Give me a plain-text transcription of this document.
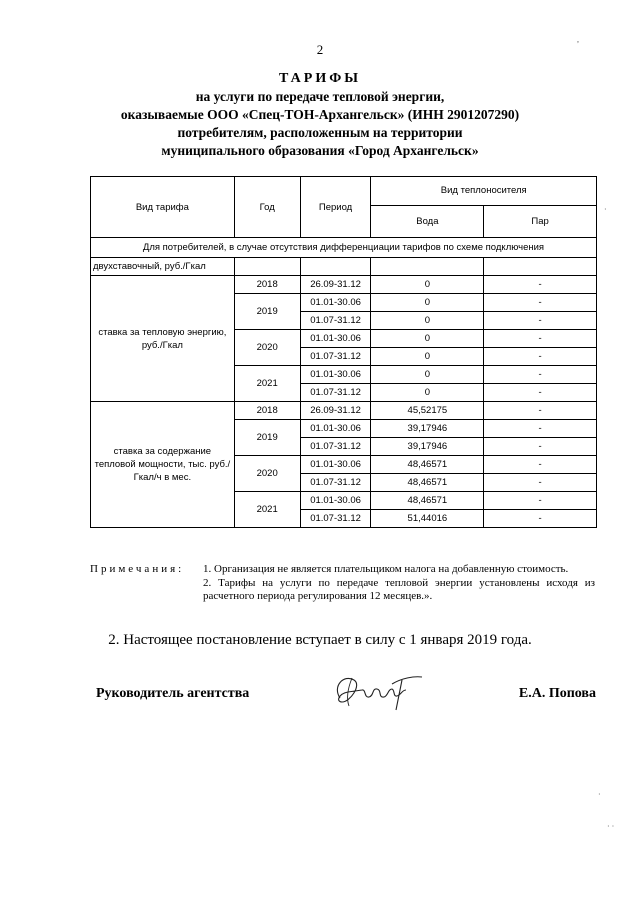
2
ТАРИФЫ
на услуги по передаче тепловой энергии,
оказываемые ООО «Спец-ТОН-Архангельск» (ИНН 2901207290)
потребителям, расположенным на территории
муниципального образования «Город Архангельск»
Вид тарифа	Год	Период	Вид теплоносителя	
			Вода	Пар
Для потребителей, в случае отсутствия дифференциации тарифов по схеме подключения				
двухставочный, руб./Гкал				
ставка за тепловую энергию, руб./Гкал	2018	26.09-31.12	0	-
	2019	01.01-30.06	0	-
		01.07-31.12	0	-
	2020	01.01-30.06	0	-
		01.07-31.12	0	-
	2021	01.01-30.06	0	-
		01.07-31.12	0	-
ставка за содержание тепловой мощности, тыс. руб./Гкал/ч в мес.	2018	26.09-31.12	45,52175	-
	2019	01.01-30.06	39,17946	-
		01.07-31.12	39,17946	-
	2020	01.01-30.06	48,46571	-
		01.07-31.12	48,46571	-
	2021	01.01-30.06	48,46571	-
		01.07-31.12	51,44016	-
Примечания: 1. Организация не является плательщиком налога на добавленную стоимость.

2. Тарифы на услуги по передаче тепловой энергии установлены исходя из расчетного периода регулирования 12 месяцев.».

2. Настоящее постановление вступает в силу с 1 января 2019 года.
Руководитель агентства	Е.А. Попова
,
·
·
· ·
